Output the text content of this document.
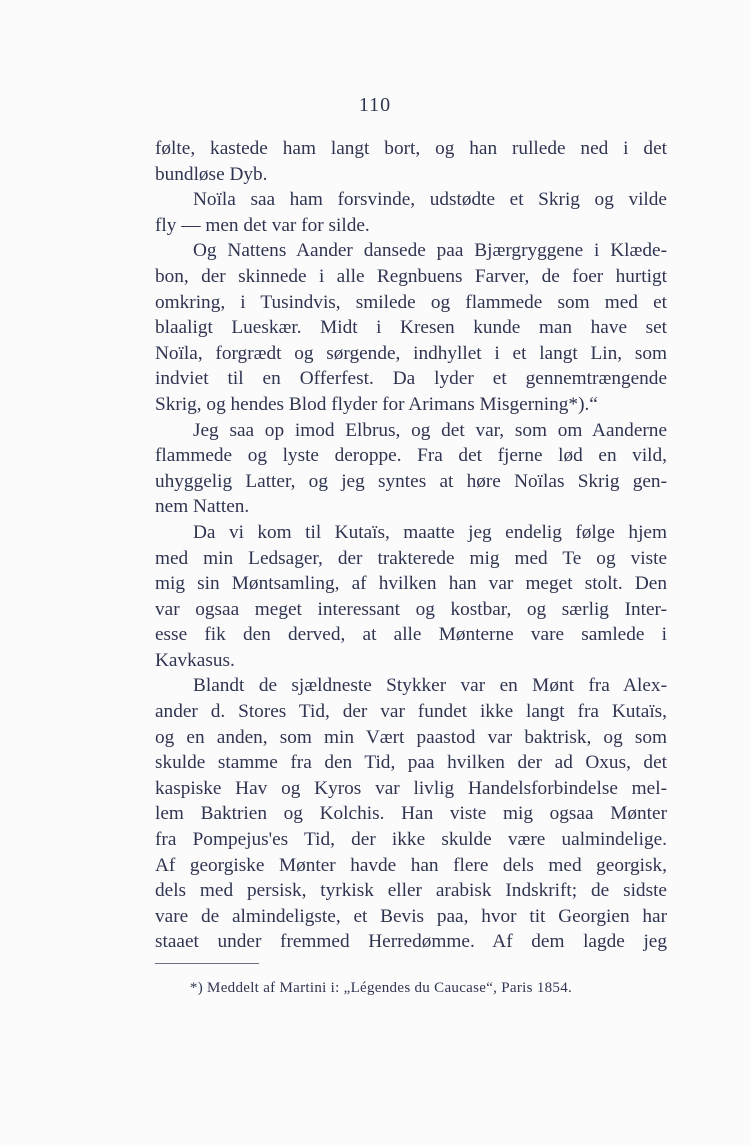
110
følte, kastede ham langt bort, og han rullede ned i det
bundløse Dyb.
Noïla saa ham forsvinde, udstødte et Skrig og vilde
fly — men det var for silde.
Og Nattens Aander dansede paa Bjærgryggene i Klæde-
bon, der skinnede i alle Regnbuens Farver, de foer hurtigt
omkring, i Tusindvis, smilede og flammede som med et
blaaligt Lueskær. Midt i Kresen kunde man have set
Noïla, forgrædt og sørgende, indhyllet i et langt Lin, som
indviet til en Offerfest. Da lyder et gennemtrængende
Skrig, og hendes Blod flyder for Arimans Misgerning*).“
Jeg saa op imod Elbrus, og det var, som om Aanderne
flammede og lyste deroppe. Fra det fjerne lød en vild,
uhyggelig Latter, og jeg syntes at høre Noïlas Skrig gen-
nem Natten.
Da vi kom til Kutaïs, maatte jeg endelig følge hjem
med min Ledsager, der trakterede mig med Te og viste
mig sin Møntsamling, af hvilken han var meget stolt. Den
var ogsaa meget interessant og kostbar, og særlig Inter-
esse fik den derved, at alle Mønterne vare samlede i
Kavkasus.
Blandt de sjældneste Stykker var en Mønt fra Alex-
ander d. Stores Tid, der var fundet ikke langt fra Kutaïs,
og en anden, som min Vært paastod var baktrisk, og som
skulde stamme fra den Tid, paa hvilken der ad Oxus, det
kaspiske Hav og Kyros var livlig Handelsforbindelse mel-
lem Baktrien og Kolchis. Han viste mig ogsaa Mønter
fra Pompejus'es Tid, der ikke skulde være ualmindelige.
Af georgiske Mønter havde han flere dels med georgisk,
dels med persisk, tyrkisk eller arabisk Indskrift; de sidste
vare de almindeligste, et Bevis paa, hvor tit Georgien har
staaet under fremmed Herredømme. Af dem lagde jeg
*) Meddelt af Martini i: „Légendes du Caucase“, Paris 1854.
